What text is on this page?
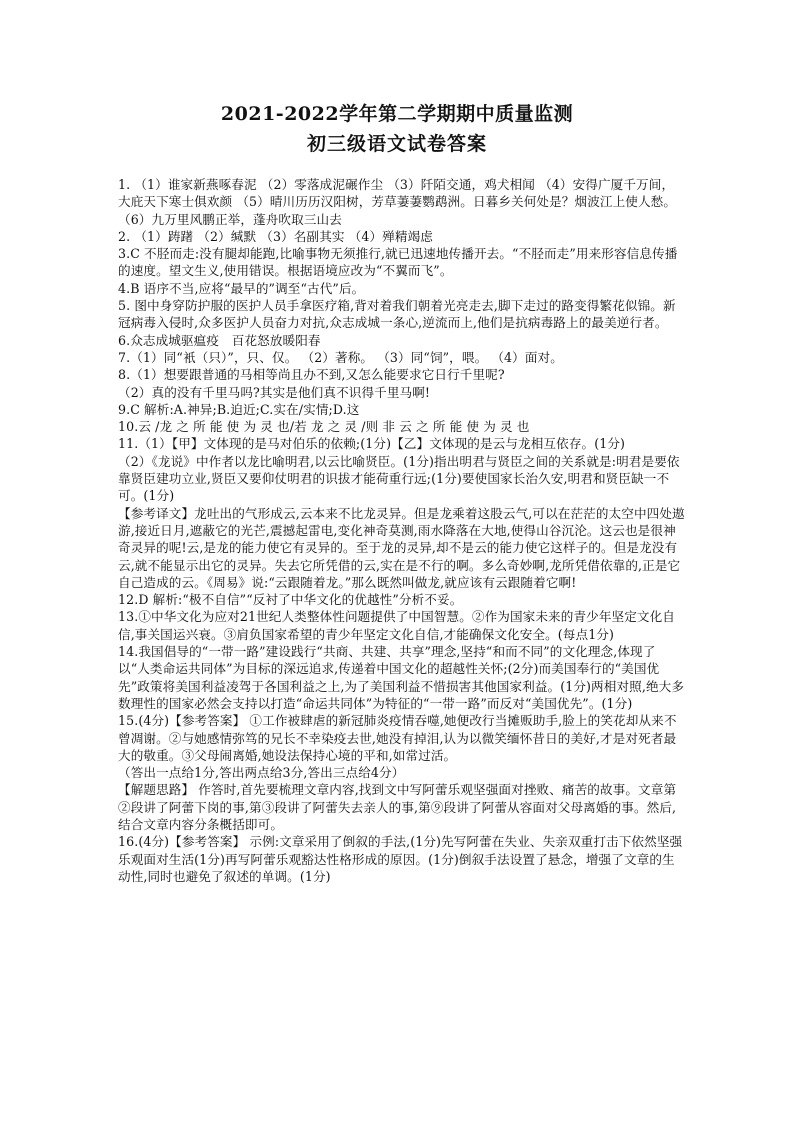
2021-2022学年第二学期期中质量监测
初三级语文试卷答案

1. （1）谁家新燕啄春泥 （2）零落成泥碾作尘 （3）阡陌交通，鸡犬相闻 （4）安得广厦千万间，大庇天下寒士俱欢颜 （5）晴川历历汉阳树，芳草萋萋鹦鹉洲。日暮乡关何处是？烟波江上使人愁。（6）九万里风鹏正举，蓬舟吹取三山去

2. （1）踌躇 （2）缄默 （3）名副其实 （4）殚精竭虑

3.C 不胫而走:没有腿却能跑,比喻事物无须推行,就已迅速地传播开去。“不胫而走”用来形容信息传播的速度。望文生义,使用错误。根据语境应改为“不翼而飞”。

4.B 语序不当,应将“最早的”调至“古代”后。

5. 图中身穿防护服的医护人员手拿医疗箱,背对着我们朝着光亮走去,脚下走过的路变得繁花似锦。新冠病毒入侵时,众多医护人员奋力对抗,众志成城一条心,逆流而上,他们是抗病毒路上的最美逆行者。

6.众志成城驱瘟疫　百花怒放暖阳春

7.（1）同“衹（只）”，只、仅。 （2）著称。 （3）同“饲”，喂。 （4）面对。

8.（1）想要跟普通的马相等尚且办不到,又怎么能要求它日行千里呢?

（2）真的没有千里马吗?其实是他们真不识得千里马啊!

9.C 解析:A.神异;B.迫近;C.实在/实情;D.这

10.云 /龙 之 所 能 使 为 灵 也/若 龙 之 灵 /则 非 云 之 所 能 使 为 灵 也

11.（1）【甲】文体现的是马对伯乐的依赖;(1分)【乙】文体现的是云与龙相互依存。(1分)

（2）《龙说》中作者以龙比喻明君,以云比喻贤臣。(1分)指出明君与贤臣之间的关系就是:明君是要依靠贤臣建功立业,贤臣又要仰仗明君的识拔才能荷重行远;(1分)要使国家长治久安,明君和贤臣缺一不可。(1分)

【参考译文】龙吐出的气形成云,云本来不比龙灵异。但是龙乘着这股云气,可以在茫茫的太空中四处遨游,接近日月,遮蔽它的光芒,震撼起雷电,变化神奇莫测,雨水降落在大地,使得山谷沉沦。这云也是很神奇灵异的呢!云,是龙的能力使它有灵异的。至于龙的灵异,却不是云的能力使它这样子的。但是龙没有云,就不能显示出它的灵异。失去它所凭借的云,实在是不行的啊。多么奇妙啊,龙所凭借依靠的,正是它自己造成的云。《周易》说:“云跟随着龙。”那么既然叫做龙,就应该有云跟随着它啊!

12.D 解析:“极不自信”“反衬了中华文化的优越性”分析不妥。

13.①中华文化为应对21世纪人类整体性问题提供了中国智慧。②作为国家未来的青少年坚定文化自信,事关国运兴衰。③肩负国家希望的青少年坚定文化自信,才能确保文化安全。(每点1分)

14.我国倡导的“一带一路”建设践行“共商、共建、共享”理念,坚持“和而不同”的文化理念,体现了以“人类命运共同体”为目标的深远追求,传递着中国文化的超越性关怀;(2分)而美国奉行的“美国优先”政策将美国利益凌驾于各国利益之上,为了美国利益不惜损害其他国家利益。(1分)两相对照,绝大多数理性的国家必然会支持以打造“命运共同体”为特征的“一带一路”而反对“美国优先”。(1分)

15.(4分)【参考答案】 ①工作被肆虐的新冠肺炎疫情吞噬,她便改行当摊贩助手,脸上的笑花却从来不曾凋谢。②与她感情弥笃的兄长不幸染疫去世,她没有掉泪,认为以微笑缅怀昔日的美好,才是对死者最大的敬重。③父母闹离婚,她设法保持心境的平和,如常过活。

（答出一点给1分,答出两点给3分,答出三点给4分）

【解题思路】 作答时,首先要梳理文章内容,找到文中写阿蕾乐观坚强面对挫败、痛苦的故事。文章第②段讲了阿蕾下岗的事,第③段讲了阿蕾失去亲人的事,第⑨段讲了阿蕾从容面对父母离婚的事。然后,结合文章内容分条概括即可。

16.(4分)【参考答案】 示例:文章采用了倒叙的手法,(1分)先写阿蕾在失业、失亲双重打击下依然坚强乐观面对生活(1分)再写阿蕾乐观豁达性格形成的原因。(1分)倒叙手法设置了悬念，增强了文章的生动性,同时也避免了叙述的单调。(1分)
